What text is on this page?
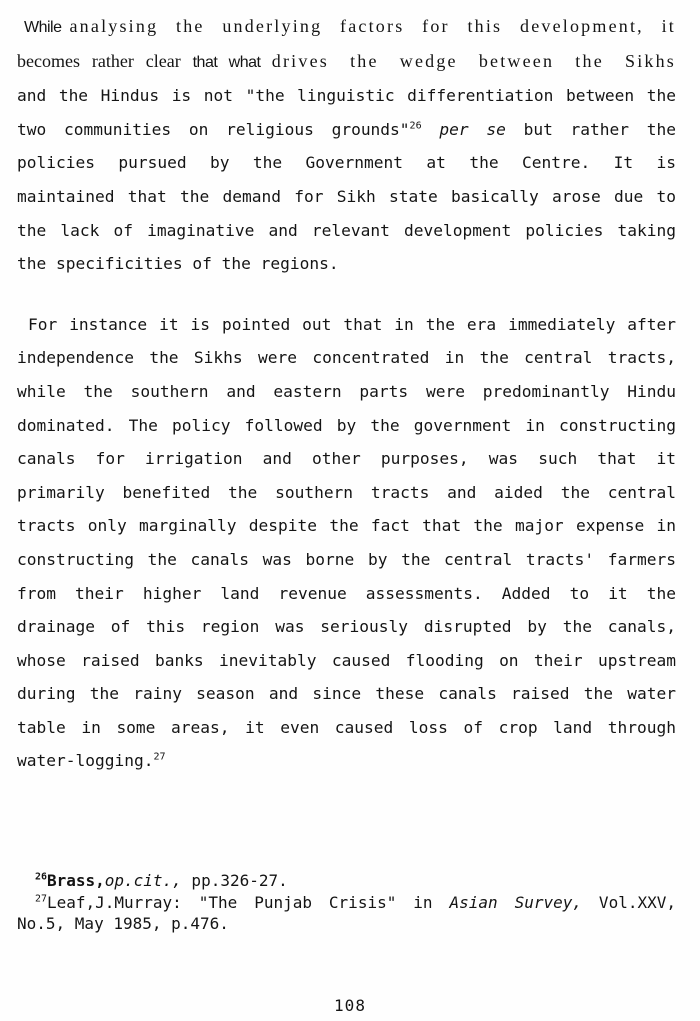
While analysing the underlying factors for this development, it
becomes rather clear that what drives the wedge between the Sikhs
and the Hindus is not "the linguistic differentiation between the
two communities on religious grounds"$^{26}$ per se but rather the
policies pursued by the Government at the Centre. It is
maintained that the demand for Sikh state basically arose due to
the lack of imaginative and relevant development policies taking
the specificities of the regions.
For instance it is pointed out that in the era immediately after
independence the Sikhs were concentrated in the central tracts,
while the southern and eastern parts were predominantly Hindu
dominated. The policy followed by the government in constructing
canals for irrigation and other purposes, was such that it
primarily benefited the southern tracts and aided the central
tracts only marginally despite the fact that the major expense in
constructing the canals was borne by the central tracts' farmers
from their higher land revenue assessments. Added to it the
drainage of this region was seriously disrupted by the canals,
whose raised banks inevitably caused flooding on their upstream
during the rainy season and since these canals raised the water
table in some areas, it even caused loss of crop land through
water-logging.$^{27}$
$^{26}$Brass,op.cit., pp.326-27.
$^{27}$Leaf,J.Murray: "The Punjab Crisis" in Asian Survey, Vol.XXV,
No.5, May 1985, p.476.
108
